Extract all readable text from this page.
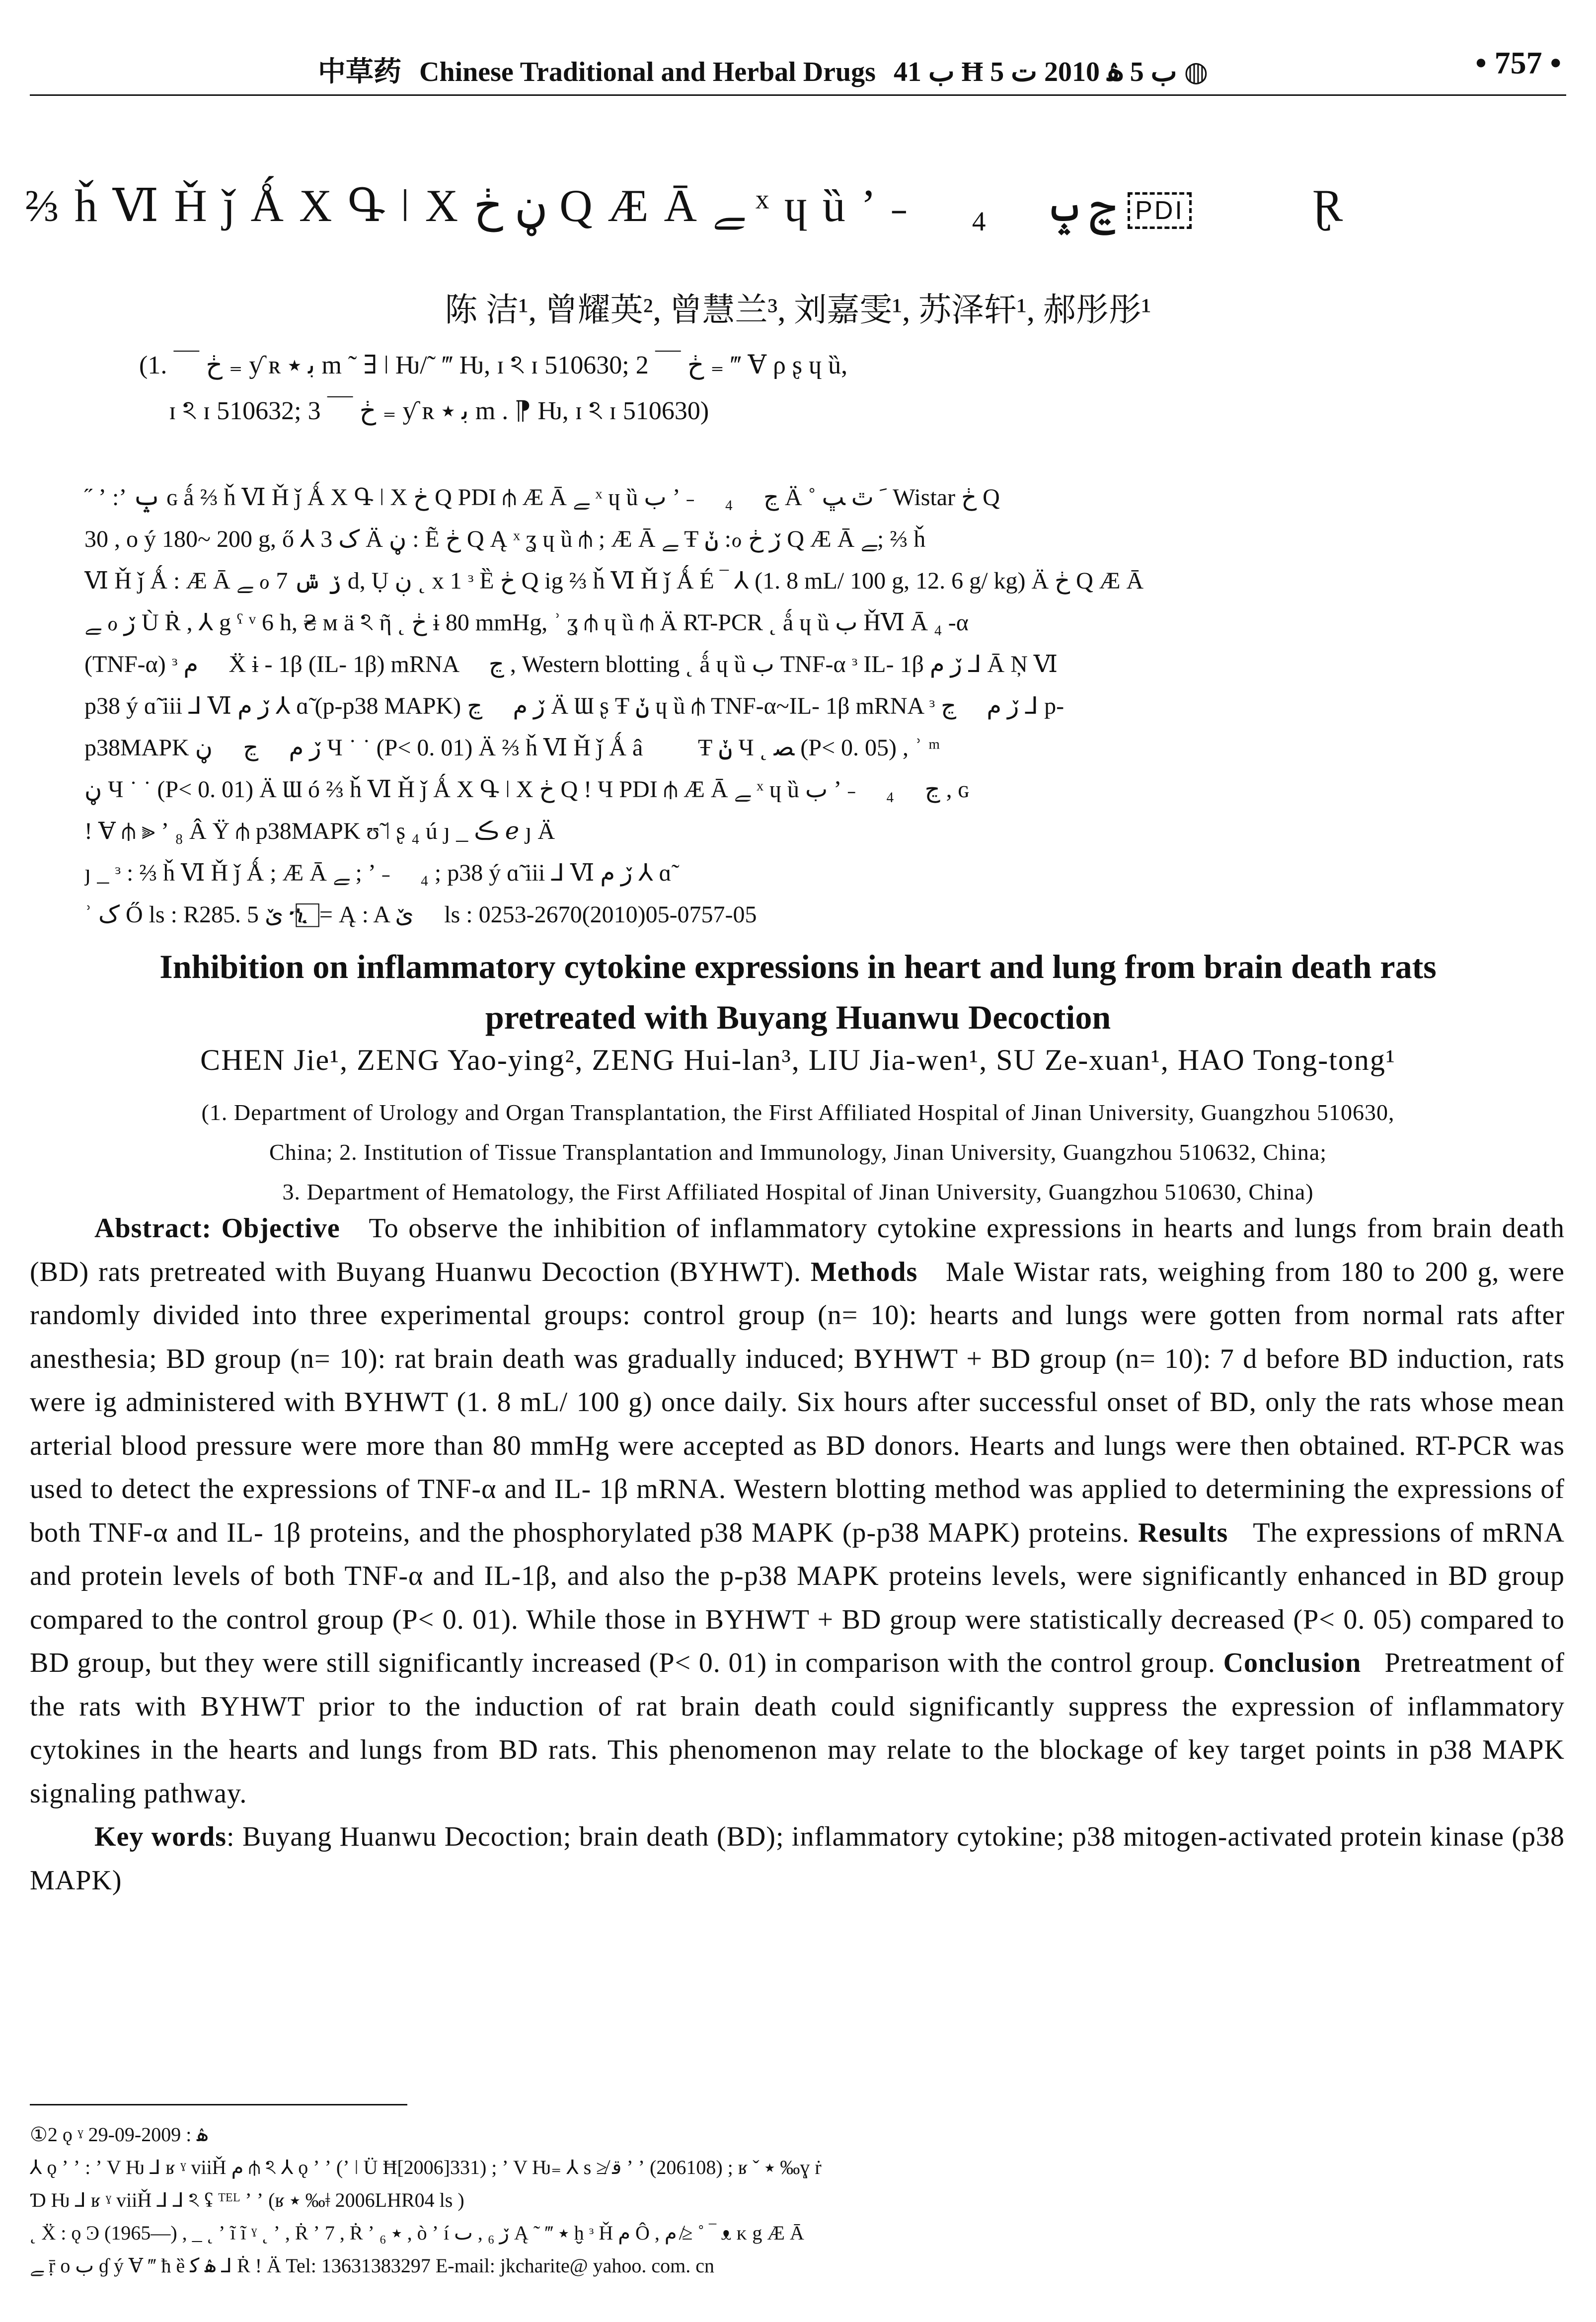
中草药 Chinese Traditional and Herbal Drugs ب 41 Ħ ب 5 ۿ 2010 ت 5 ◍	• 757 •
⅔ ȟ Ⅵ Ȟ ǰ Ǻ X Գ ǀ X ڼ ڂ Q Æ Ā ﮯ ˣ ɥ ȕ ʼ ˗ ⃞ ₄ ⃞ ڃ ݒ PDI	Ɽ
陈 洁¹, 曾耀英², 曾慧兰³, 刘嘉雯¹, 苏泽轩¹, 郝彤彤¹
(1. ￣ ڂ ₌ ƴ ʀ ﺑ ٭ m ˜ ∃ ǀ Ƕ/˜ ‴ Ƕ, ɪ ঽ ɪ 510630; 2 ￣ ڂ ₌ ‴ Ɐ ρ ʂ ɥ ȕ,
ɪ ঽ ɪ 510632; 3 ￣ ڂ ₌ ƴ ʀ ﺑ ٭ m . ⁋ Ƕ, ɪ ঽ ɪ 510630)
˝ ʼ :ʼ ݒ ɢ ǻ ⅔ ȟ Ⅵ Ȟ ǰ Ǻ X Գ ǀ X ڂ Q PDI ⫛ Æ Ā ﮯ ˣ ɥ ȕ ب ʼ ˗ ⃞ ₄ ⃞ ڃ Ä ˚ ﹶ ﭢ ﭛ Wistar ڂ Q
30 , o ý 180~ 200 g, ő ⅄ ک 3 Ä ڼ : Ẽ ڂ Q Ą ˣ ʓ ɥ ȕ ⫛ ; Æ Ā ﮯ Ŧ ݩ :ℴ ڒ ڂ Q Æ Ā ﮯ; ⅔ ȟ
Ⅵ Ȟ ǰ Ǻ : Æ Ā ﮯ ℴ ڒ ݜ 7 d, Ụ ڹ ˛ x 1 ᵌ Ȅ ڂ Q ig ⅔ ȟ Ⅵ Ȟ ǰ Ǻ É ‾ ⅄ (1. 8 mL/ 100 g, 12. 6 g/ kg) Ä ڂ Q Æ Ā
ﮯ ℴ ڒ Ù Ṙ , ⅄ g ˤ ᵛ 6 h, ₴ ᴍ ä ঽ ῆ ˛ ڂ ɨ 80 mmHg, ʾ ʓ ⫛ ɥ ȕ ⫛ Ä RT-PCR ˛ ǻ ɥ ȕ ب ȞⅥ Ā ₄ -α
(TNF-α) ᵌ ﻡ ⃞ Ẍ ɨ - 1β (IL- 1β) mRNA ⃞ ڃ , Western blotting ˛ ǻ ɥ ȕ ب TNF-α ᵌ IL- 1β ڒ ﻡ ⅃ Ā Ņ Ⅵ
p38 ý ɑ̃ iii ⅃ Ⅵ ڒ ﻡ ⅄ ɑ̃ (p-p38 MAPK) ڒ ﻡ ⃞ ڃ Ä Ɯ ʂ Ŧ ݩ ɥ ȕ ⫛ TNF-α~IL- 1β mRNA ᵌ ڒ ﻡ ⃞ ڃ ⅃ p-
p38MAPK ڒ ﻡ ⃞ ڃ ⃞ ڼ Ч ˙ ˙ (P< 0. 01) Ä ⅔ ȟ Ⅵ Ȟ ǰ Ǻ â ⃞ ⃞ Ŧ ݩ Ч ˛ ﺼ (P< 0. 05) , ʾ ᵐ ⃞
ڼ Ч ˙ ˙ (P< 0. 01) Ä Ɯ ó ⅔ ȟ Ⅵ Ȟ ǰ Ǻ X Գ ǀ X ڂ Q ǃ Ч PDI ⫛ Æ Ā ﮯ ˣ ɥ ȕ ب ʼ ˗ ⃞ ₄ ⃞ ڃ , ɢ
ǃ Ɐ ⫛ ⫸ ʼ ₈ Â Ÿ ⫛ p38MAPK ʊ̃ ǀ ʂ ₄ ú ȷ _ ڪ ℯ ȷ Ä
ȷ _ ᵌ : ⅔ ȟ Ⅵ Ȟ ǰ Ǻ ; Æ Ā ﮯ ; ʼ ˗ ⃞ ₄ ; p38 ý ɑ̃ iii ⅃ Ⅵ ڒ ﻡ ⅄ ɑ̃
ʾ ک Ő ls : R285. 5 ێ ኂ ⃞ = Ą : A ێ ⃞ ls : 0253-2670(2010)05-0757-05
Inhibition on inflammatory cytokine expressions in heart and lung from brain death rats
pretreated with Buyang Huanwu Decoction
CHEN Jie¹, ZENG Yao-ying², ZENG Hui-lan³, LIU Jia-wen¹, SU Ze-xuan¹, HAO Tong-tong¹
(1. Department of Urology and Organ Transplantation, the First Affiliated Hospital of Jinan University, Guangzhou 510630,
China; 2. Institution of Tissue Transplantation and Immunology, Jinan University, Guangzhou 510632, China;
3. Department of Hematology, the First Affiliated Hospital of Jinan University, Guangzhou 510630, China)

Abstract: Objective To observe the inhibition of inflammatory cytokine expressions in hearts and lungs from brain death (BD) rats pretreated with Buyang Huanwu Decoction (BYHWT). Methods Male Wistar rats, weighing from 180 to 200 g, were randomly divided into three experimental groups: control group (n= 10): hearts and lungs were gotten from normal rats after anesthesia; BD group (n= 10): rat brain death was gradually induced; BYHWT + BD group (n= 10): 7 d before BD induction, rats were ig administered with BYHWT (1. 8 mL/ 100 g) once daily. Six hours after successful onset of BD, only the rats whose mean arterial blood pressure were more than 80 mmHg were accepted as BD donors. Hearts and lungs were then obtained. RT-PCR was used to detect the expressions of TNF-α and IL- 1β mRNA. Western blotting method was applied to determining the expressions of both TNF-α and IL- 1β proteins, and the phosphorylated p38 MAPK (p-p38 MAPK) proteins. Results The expressions of mRNA and protein levels of both TNF-α and IL-1β, and also the p-p38 MAPK proteins levels, were significantly enhanced in BD group compared to the control group (P< 0. 01). While those in BYHWT + BD group were statistically decreased (P< 0. 05) compared to BD group, but they were still significantly increased (P< 0. 01) in comparison with the control group. Conclusion Pretreatment of the rats with BYHWT prior to the induction of rat brain death could significantly suppress the expression of inflammatory cytokines in the hearts and lungs from BD rats. This phenomenon may relate to the blockage of key target points in p38 MAPK signaling pathway.

Key words: Buyang Huanwu Decoction; brain death (BD); inflammatory cytokine; p38 mitogen-activated protein kinase (p38 MAPK)

①2 ǫ ˠ ۿ : 2009-09-29
⅄ ǫ ʼ ʼ : ʼ V Ƕ ⅃ ʁ ˠ viiȞ ﻡ ⫛ ঽ ⅄ ǫ ʼ ʼ (ʼ ǀ Ü Ħ[2006]331) ; ʼ V Ƕ₌ ⅄ s ≱ ﻗ ʼ ʼ (206108) ; ʁ ˇ ٭ ‰ɣ ṙ
Ɗ Ƕ ⅃ ʁ ˠ viiȞ ⅃ ⅃ ঽ ʢ ᵀᴱᴸ ʼ ʼ (ʁ ٭ ‰ǂ 2006LHR04 ls )
˛ Ẍ : ǫ Ͽ (1965—) , _ ˛ ʼ ĩ ĩ ˠ ˛ ʼ , Ṙ ʼ 7 , Ṙ ʼ ٭ ₆ , ò ʼ í ڒ ₆ , ٮ Ą ˜ ‴ ٭ ḫ ᵌ Ȟ ﻡ Ô , ﻡ ≱ ˚ ‾ ᴥ ᴋ g Æ Ā
ﮯ ṝ o ب ɠ ý Ɐ ‴ ħ ȅ ۿ ﻛ ⅃ Ṙ ǃ Ä Tel: 13631383297 E-mail: jkcharite@ yahoo. com. cn
